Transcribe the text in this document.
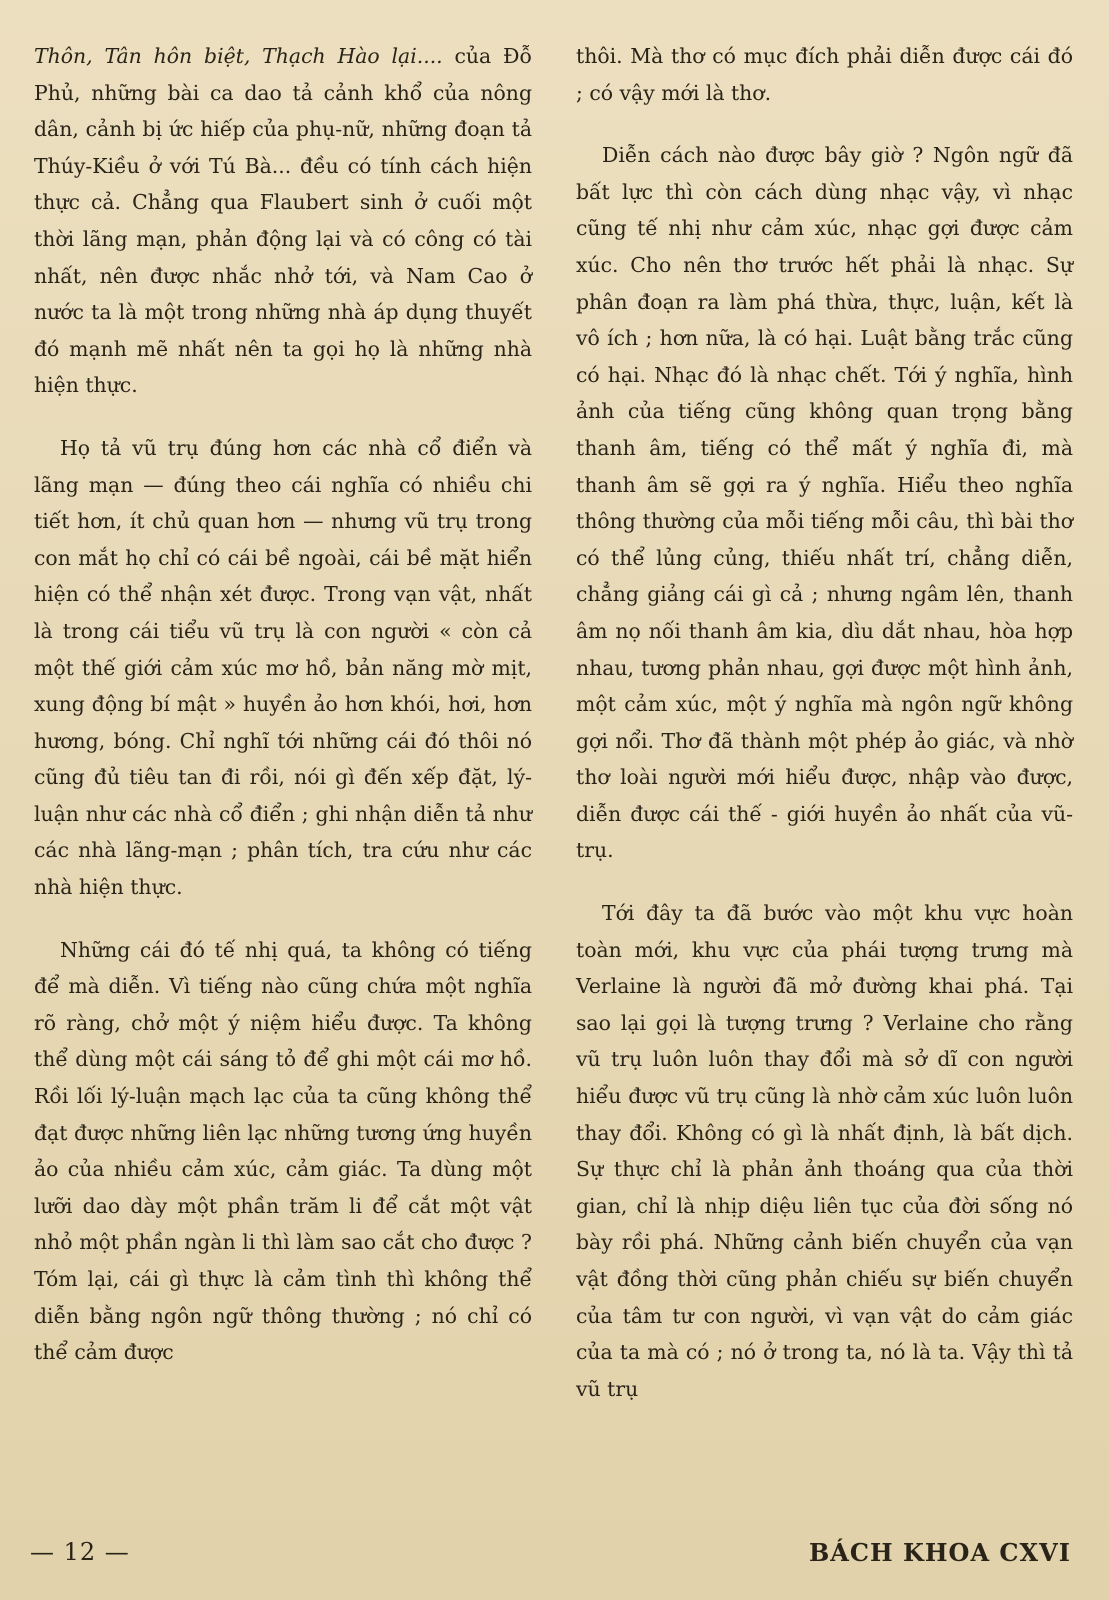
Thôn, Tân hôn biệt, Thạch Hào lại.... của Đỗ Phủ, những bài ca dao tả cảnh khổ của nông dân, cảnh bị ức hiếp của phụ-nữ, những đoạn tả Thúy-Kiều ở với Tú Bà... đều có tính cách hiện thực cả. Chẳng qua Flaubert sinh ở cuối một thời lãng mạn, phản động lại và có công có tài nhất, nên được nhắc nhở tới, và Nam Cao ở nước ta là một trong những nhà áp dụng thuyết đó mạnh mẽ nhất nên ta gọi họ là những nhà hiện thực.

Họ tả vũ trụ đúng hơn các nhà cổ điển và lãng mạn — đúng theo cái nghĩa có nhiều chi tiết hơn, ít chủ quan hơn — nhưng vũ trụ trong con mắt họ chỉ có cái bề ngoài, cái bề mặt hiển hiện có thể nhận xét được. Trong vạn vật, nhất là trong cái tiểu vũ trụ là con người « còn cả một thế giới cảm xúc mơ hồ, bản năng mờ mịt, xung động bí mật » huyền ảo hơn khói, hơi, hơn hương, bóng. Chỉ nghĩ tới những cái đó thôi nó cũng đủ tiêu tan đi rồi, nói gì đến xếp đặt, lý-luận như các nhà cổ điển ; ghi nhận diễn tả như các nhà lãng-mạn ; phân tích, tra cứu như các nhà hiện thực.

Những cái đó tế nhị quá, ta không có tiếng để mà diễn. Vì tiếng nào cũng chứa một nghĩa rõ ràng, chở một ý niệm hiểu được. Ta không thể dùng một cái sáng tỏ để ghi một cái mơ hồ. Rồi lối lý-luận mạch lạc của ta cũng không thể đạt được những liên lạc những tương ứng huyền ảo của nhiều cảm xúc, cảm giác. Ta dùng một lưỡi dao dày một phần trăm li để cắt một vật nhỏ một phần ngàn li thì làm sao cắt cho được ? Tóm lại, cái gì thực là cảm tình thì không thể diễn bằng ngôn ngữ thông thường ; nó chỉ có thể cảm được

thôi. Mà thơ có mục đích phải diễn được cái đó ; có vậy mới là thơ.

Diễn cách nào được bây giờ ? Ngôn ngữ đã bất lực thì còn cách dùng nhạc vậy, vì nhạc cũng tế nhị như cảm xúc, nhạc gợi được cảm xúc. Cho nên thơ trước hết phải là nhạc. Sự phân đoạn ra làm phá thừa, thực, luận, kết là vô ích ; hơn nữa, là có hại. Luật bằng trắc cũng có hại. Nhạc đó là nhạc chết. Tới ý nghĩa, hình ảnh của tiếng cũng không quan trọng bằng thanh âm, tiếng có thể mất ý nghĩa đi, mà thanh âm sẽ gợi ra ý nghĩa. Hiểu theo nghĩa thông thường của mỗi tiếng mỗi câu, thì bài thơ có thể lủng củng, thiếu nhất trí, chẳng diễn, chẳng giảng cái gì cả ; nhưng ngâm lên, thanh âm nọ nối thanh âm kia, dìu dắt nhau, hòa hợp nhau, tương phản nhau, gợi được một hình ảnh, một cảm xúc, một ý nghĩa mà ngôn ngữ không gợi nổi. Thơ đã thành một phép ảo giác, và nhờ thơ loài người mới hiểu được, nhập vào được, diễn được cái thế - giới huyền ảo nhất của vũ-trụ.

Tới đây ta đã bước vào một khu vực hoàn toàn mới, khu vực của phái tượng trưng mà Verlaine là người đã mở đường khai phá. Tại sao lại gọi là tượng trưng ? Verlaine cho rằng vũ trụ luôn luôn thay đổi mà sở dĩ con người hiểu được vũ trụ cũng là nhờ cảm xúc luôn luôn thay đổi. Không có gì là nhất định, là bất dịch. Sự thực chỉ là phản ảnh thoáng qua của thời gian, chỉ là nhịp diệu liên tục của đời sống nó bày rồi phá. Những cảnh biến chuyển của vạn vật đồng thời cũng phản chiếu sự biến chuyển của tâm tư con người, vì vạn vật do cảm giác của ta mà có ; nó ở trong ta, nó là ta. Vậy thì tả vũ trụ

— 12 —	BÁCH KHOA CXVI
